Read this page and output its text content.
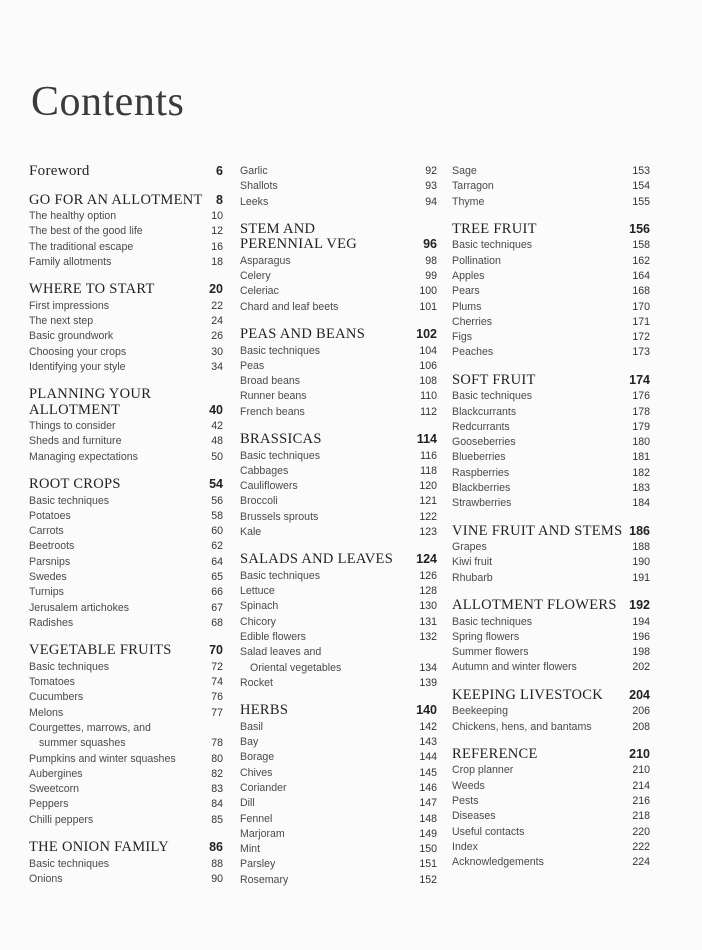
Contents
Foreword	6
GO FOR AN ALLOTMENT 8
The healthy option	10
The best of the good life	12
The traditional escape	16
Family allotments	18
WHERE TO START	20
First impressions	22
The next step	24
Basic groundwork	26
Choosing your crops	30
Identifying your style	34
PLANNING YOUR
ALLOTMENT	40
Things to consider	42
Sheds and furniture	48
Managing expectations	50
ROOT CROPS	54
Basic techniques	56
Potatoes	58
Carrots	60
Beetroots	62
Parsnips	64
Swedes	65
Turnips	66
Jerusalem artichokes	67
Radishes	68
VEGETABLE FRUITS	70
Basic techniques	72
Tomatoes	74
Cucumbers	76
Melons	77
Courgettes, marrows, and
summer squashes	78
Pumpkins and winter squashes	80
Aubergines	82
Sweetcorn	83
Peppers	84
Chilli peppers	85
THE ONION FAMILY	86
Basic techniques	88
Onions	90
Garlic	92
Shallots	93
Leeks	94
STEM AND
PERENNIAL VEG	96
Asparagus	98
Celery	99
Celeriac	100
Chard and leaf beets	101
PEAS AND BEANS	102
Basic techniques	104
Peas	106
Broad beans	108
Runner beans	110
French beans	112
BRASSICAS	114
Basic techniques	116
Cabbages	118
Cauliflowers	120
Broccoli	121
Brussels sprouts	122
Kale	123
SALADS AND LEAVES 124
Basic techniques	126
Lettuce	128
Spinach	130
Chicory	131
Edible flowers	132
Salad leaves and
Oriental vegetables	134
Rocket	139
HERBS	140
Basil	142
Bay	143
Borage	144
Chives	145
Coriander	146
Dill	147
Fennel	148
Marjoram	149
Mint	150
Parsley	151
Rosemary	152
Sage	153
Tarragon	154
Thyme	155
TREE FRUIT	156
Basic techniques	158
Pollination	162
Apples	164
Pears	168
Plums	170
Cherries	171
Figs	172
Peaches	173
SOFT FRUIT	174
Basic techniques	176
Blackcurrants	178
Redcurrants	179
Gooseberries	180
Blueberries	181
Raspberries	182
Blackberries	183
Strawberries	184
VINE FRUIT AND STEMS 186
Grapes	188
Kiwi fruit	190
Rhubarb	191
ALLOTMENT FLOWERS 192
Basic techniques	194
Spring flowers	196
Summer flowers	198
Autumn and winter flowers	202
KEEPING LIVESTOCK 204
Beekeeping	206
Chickens, hens, and bantams	208
REFERENCE	210
Crop planner	210
Weeds	214
Pests	216
Diseases	218
Useful contacts	220
Index	222
Acknowledgements	224
